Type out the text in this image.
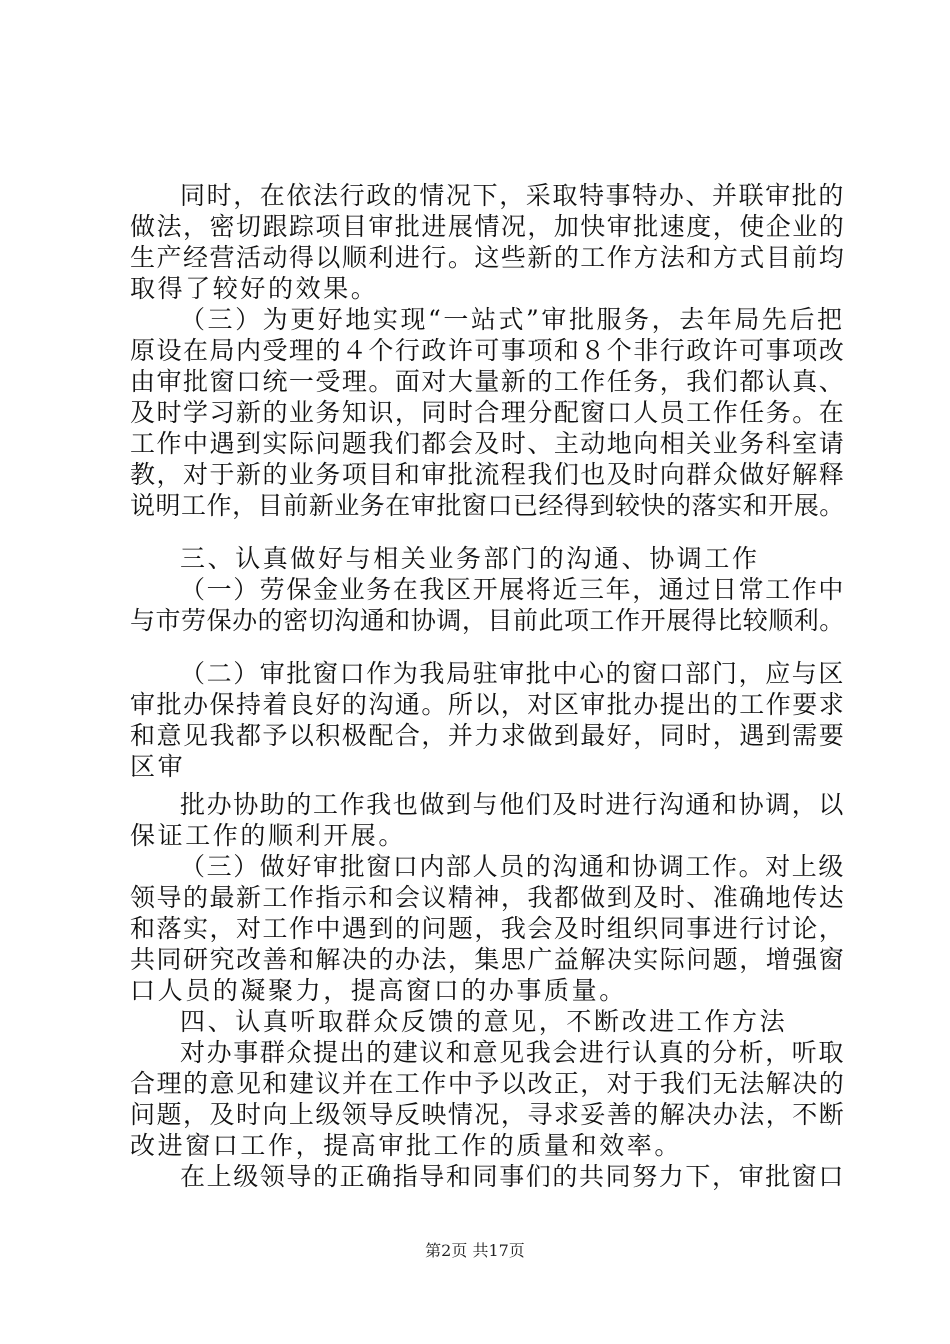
同时，在依法行政的情况下，采取特事特办、并联审批的
做法，密切跟踪项目审批进展情况，加快审批速度，使企业的
生产经营活动得以顺利进行。这些新的工作方法和方式目前均
取得了较好的效果。
（三）为更好地实现“一站式”审批服务，去年局先后把
原设在局内受理的４个行政许可事项和８个非行政许可事项改
由审批窗口统一受理。面对大量新的工作任务，我们都认真、
及时学习新的业务知识，同时合理分配窗口人员工作任务。在
工作中遇到实际问题我们都会及时、主动地向相关业务科室请
教，对于新的业务项目和审批流程我们也及时向群众做好解释
说明工作，目前新业务在审批窗口已经得到较快的落实和开展。
三、认真做好与相关业务部门的沟通、协调工作
（一）劳保金业务在我区开展将近三年，通过日常工作中
与市劳保办的密切沟通和协调，目前此项工作开展得比较顺利。
（二）审批窗口作为我局驻审批中心的窗口部门，应与区
审批办保持着良好的沟通。所以，对区审批办提出的工作要求
和意见我都予以积极配合，并力求做到最好，同时，遇到需要
区审
批办协助的工作我也做到与他们及时进行沟通和协调，以
保证工作的顺利开展。
（三）做好审批窗口内部人员的沟通和协调工作。对上级
领导的最新工作指示和会议精神，我都做到及时、准确地传达
和落实，对工作中遇到的问题，我会及时组织同事进行讨论，
共同研究改善和解决的办法，集思广益解决实际问题，增强窗
口人员的凝聚力，提高窗口的办事质量。
四、认真听取群众反馈的意见，不断改进工作方法
对办事群众提出的建议和意见我会进行认真的分析，听取
合理的意见和建议并在工作中予以改正，对于我们无法解决的
问题，及时向上级领导反映情况，寻求妥善的解决办法，不断
改进窗口工作，提高审批工作的质量和效率。
在上级领导的正确指导和同事们的共同努力下，审批窗口
第2页 共17页
